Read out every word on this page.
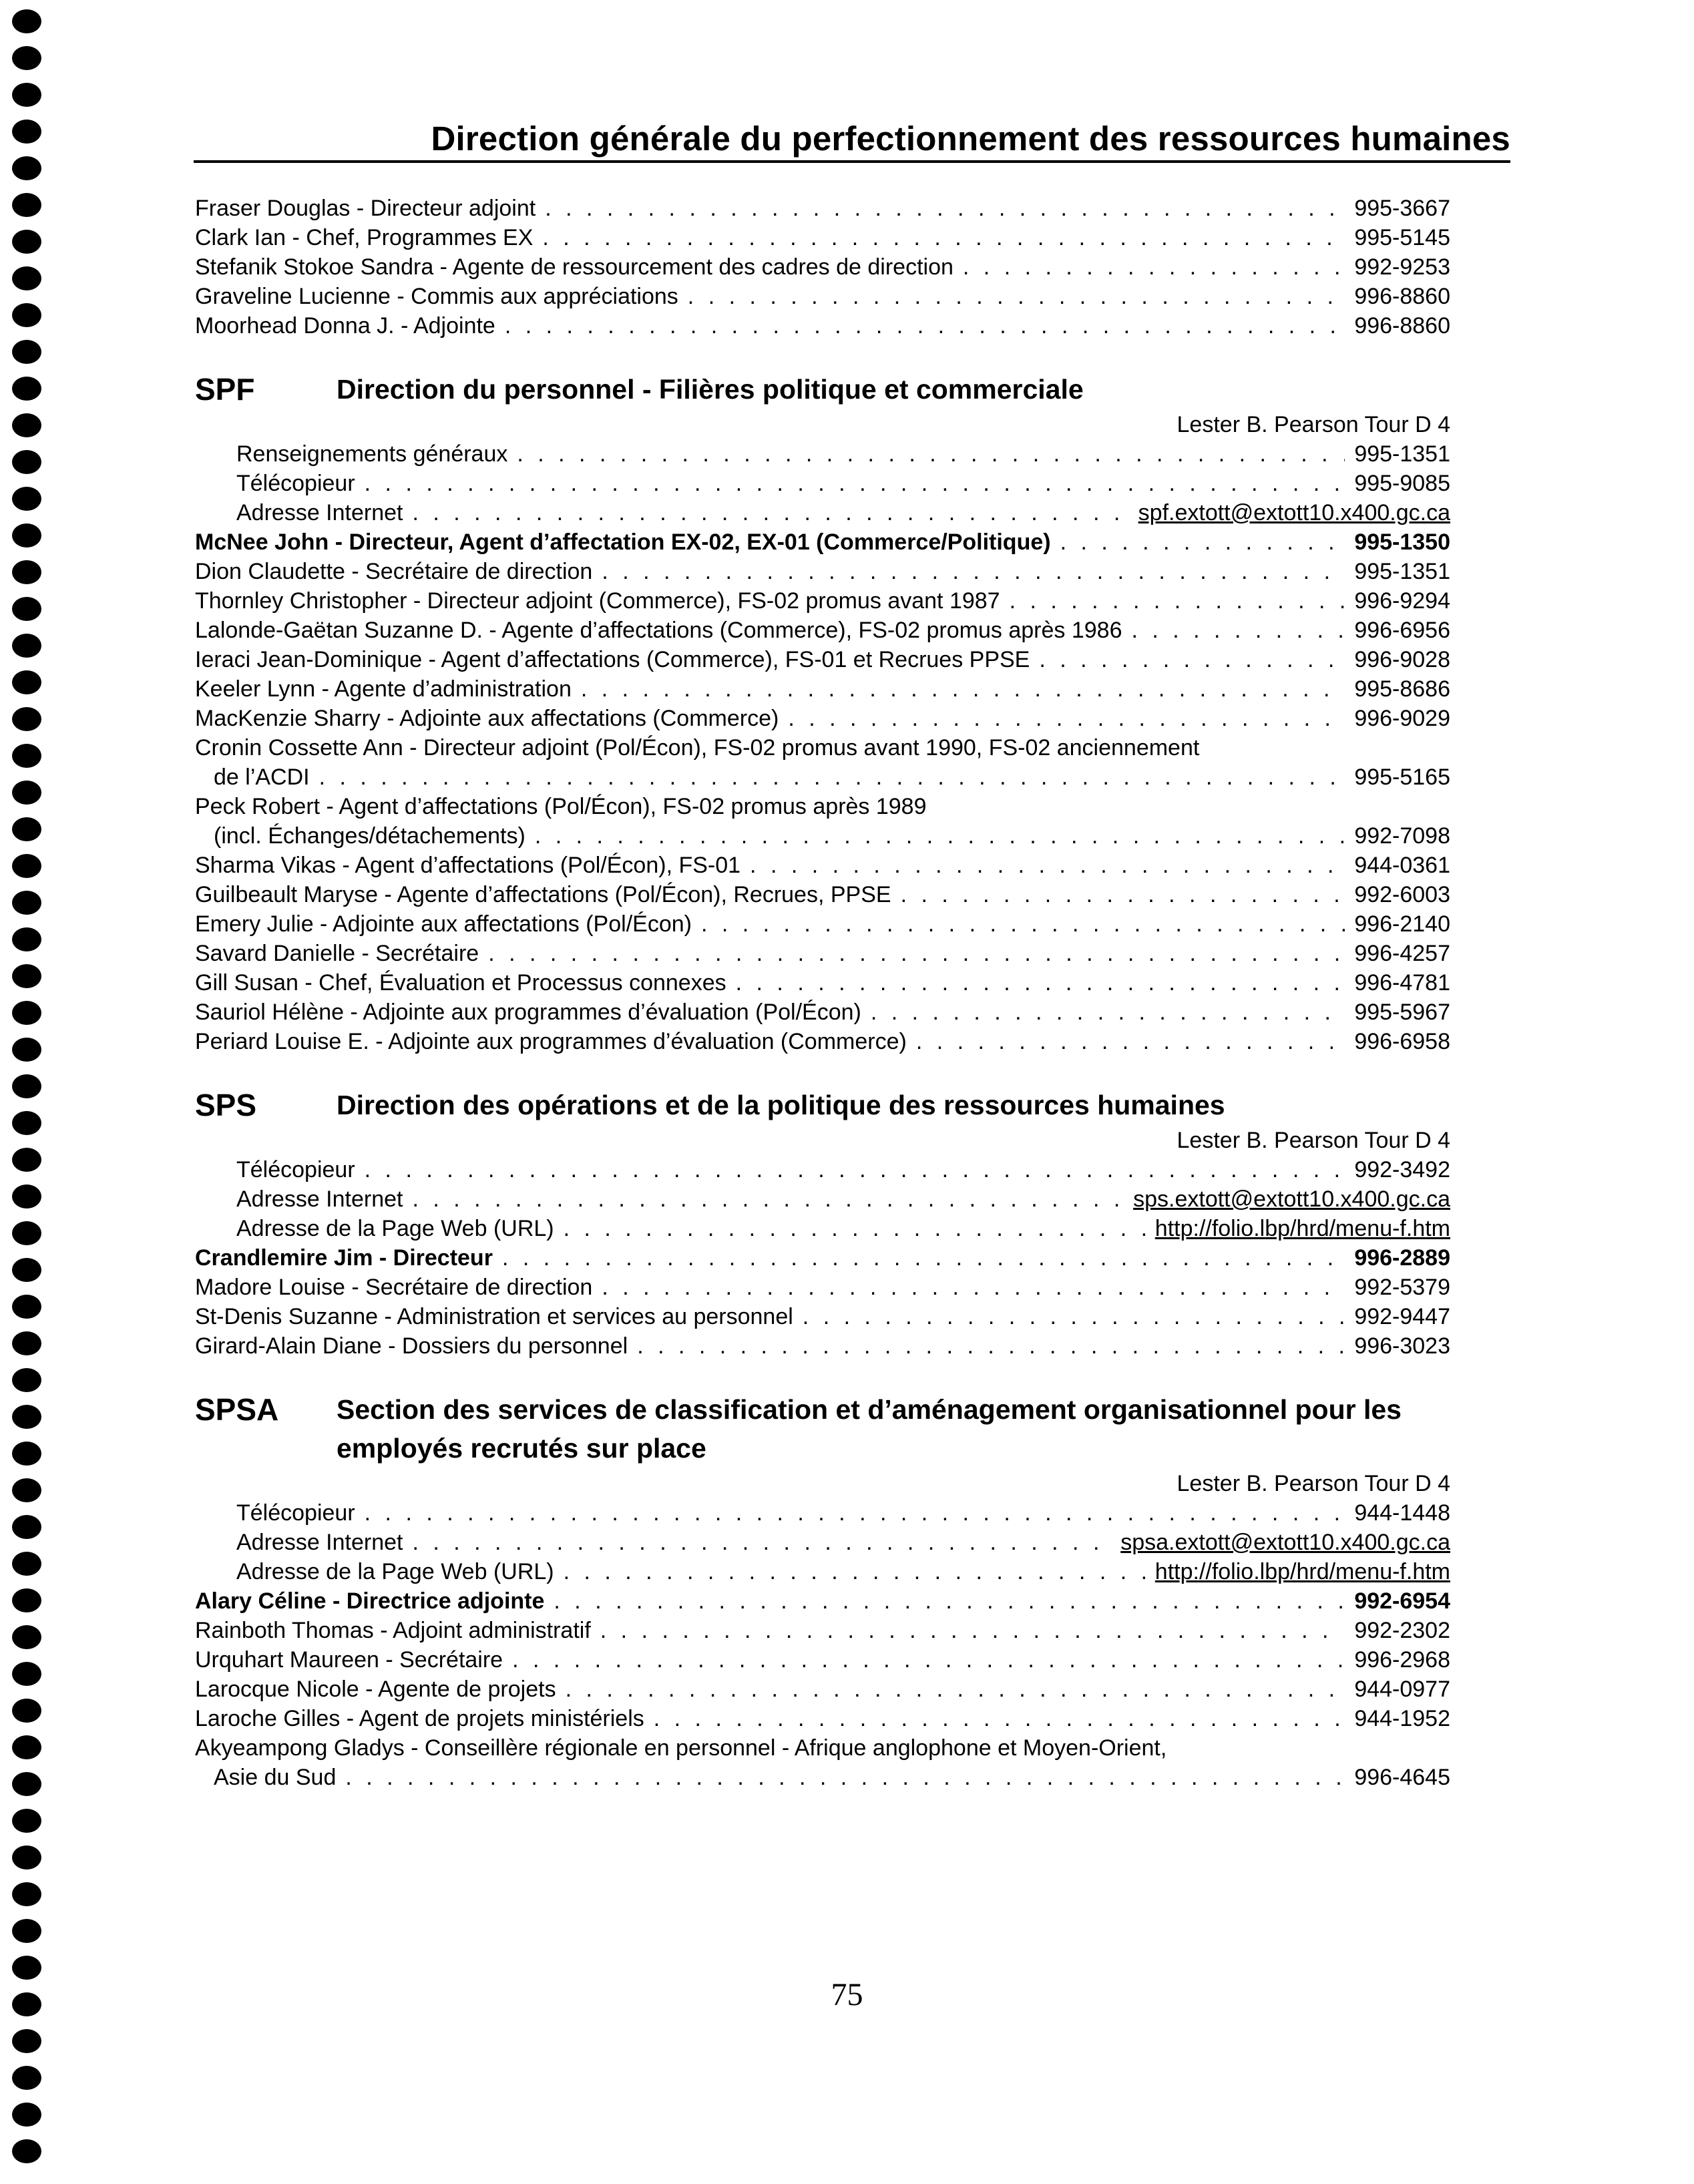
Direction générale du perfectionnement des ressources humaines
Fraser Douglas - Directeur adjoint . . .	995-3667
Clark Ian - Chef, Programmes EX . . .	995-5145
Stefanik Stokoe Sandra - Agente de ressourcement des cadres de direction . . .	992-9253
Graveline Lucienne - Commis aux appréciations . . .	996-8860
Moorhead Donna J. - Adjointe . . .	996-8860
SPF	Direction du personnel - Filières politique et commerciale
Lester B. Pearson Tour D 4
Renseignements généraux . . .	995-1351
Télécopieur . . .	995-9085
Adresse Internet . . .	spf.extott@extott10.x400.gc.ca
McNee John - Directeur, Agent d’affectation EX-02, EX-01 (Commerce/Politique) . . .	995-1350
Dion Claudette - Secrétaire de direction . . .	995-1351
Thornley Christopher - Directeur adjoint (Commerce), FS-02 promus avant 1987 . . .	996-9294
Lalonde-Gaëtan Suzanne D. - Agente d’affectations (Commerce), FS-02 promus après 1986 . . .	996-6956
Ieraci Jean-Dominique - Agent d’affectations (Commerce), FS-01 et Recrues PPSE . . .	996-9028
Keeler Lynn - Agente d’administration . . .	995-8686
MacKenzie Sharry - Adjointe aux affectations (Commerce) . . .	996-9029
Cronin Cossette Ann - Directeur adjoint (Pol/Écon), FS-02 promus avant 1990, FS-02 anciennement
de l’ACDI . . .	995-5165
Peck Robert - Agent d’affectations (Pol/Écon), FS-02 promus après 1989
(incl. Échanges/détachements) . . .	992-7098
Sharma Vikas - Agent d’affectations (Pol/Écon), FS-01 . . .	944-0361
Guilbeault Maryse - Agente d’affectations (Pol/Écon), Recrues, PPSE . . .	992-6003
Emery Julie - Adjointe aux affectations (Pol/Écon) . . .	996-2140
Savard Danielle - Secrétaire . . .	996-4257
Gill Susan - Chef, Évaluation et Processus connexes . . .	996-4781
Sauriol Hélène - Adjointe aux programmes d’évaluation (Pol/Écon) . . .	995-5967
Periard Louise E. - Adjointe aux programmes d’évaluation (Commerce) . . .	996-6958
SPS	Direction des opérations et de la politique des ressources humaines
Lester B. Pearson Tour D 4
Télécopieur . . .	992-3492
Adresse Internet . . .	sps.extott@extott10.x400.gc.ca
Adresse de la Page Web (URL) . . .	http://folio.lbp/hrd/menu-f.htm
Crandlemire Jim - Directeur . . .	996-2889
Madore Louise - Secrétaire de direction . . .	992-5379
St-Denis Suzanne - Administration et services au personnel . . .	992-9447
Girard-Alain Diane - Dossiers du personnel . . .	996-3023
SPSA	Section des services de classification et d’aménagement organisationnel pour les employés recrutés sur place
Lester B. Pearson Tour D 4
Télécopieur . . .	944-1448
Adresse Internet . . .	spsa.extott@extott10.x400.gc.ca
Adresse de la Page Web (URL) . . .	http://folio.lbp/hrd/menu-f.htm
Alary Céline - Directrice adjointe . . .	992-6954
Rainboth Thomas - Adjoint administratif . . .	992-2302
Urquhart Maureen - Secrétaire . . .	996-2968
Larocque Nicole - Agente de projets . . .	944-0977
Laroche Gilles - Agent de projets ministériels . . .	944-1952
Akyeampong Gladys - Conseillère régionale en personnel - Afrique anglophone et Moyen-Orient,
Asie du Sud . . .	996-4645
75
